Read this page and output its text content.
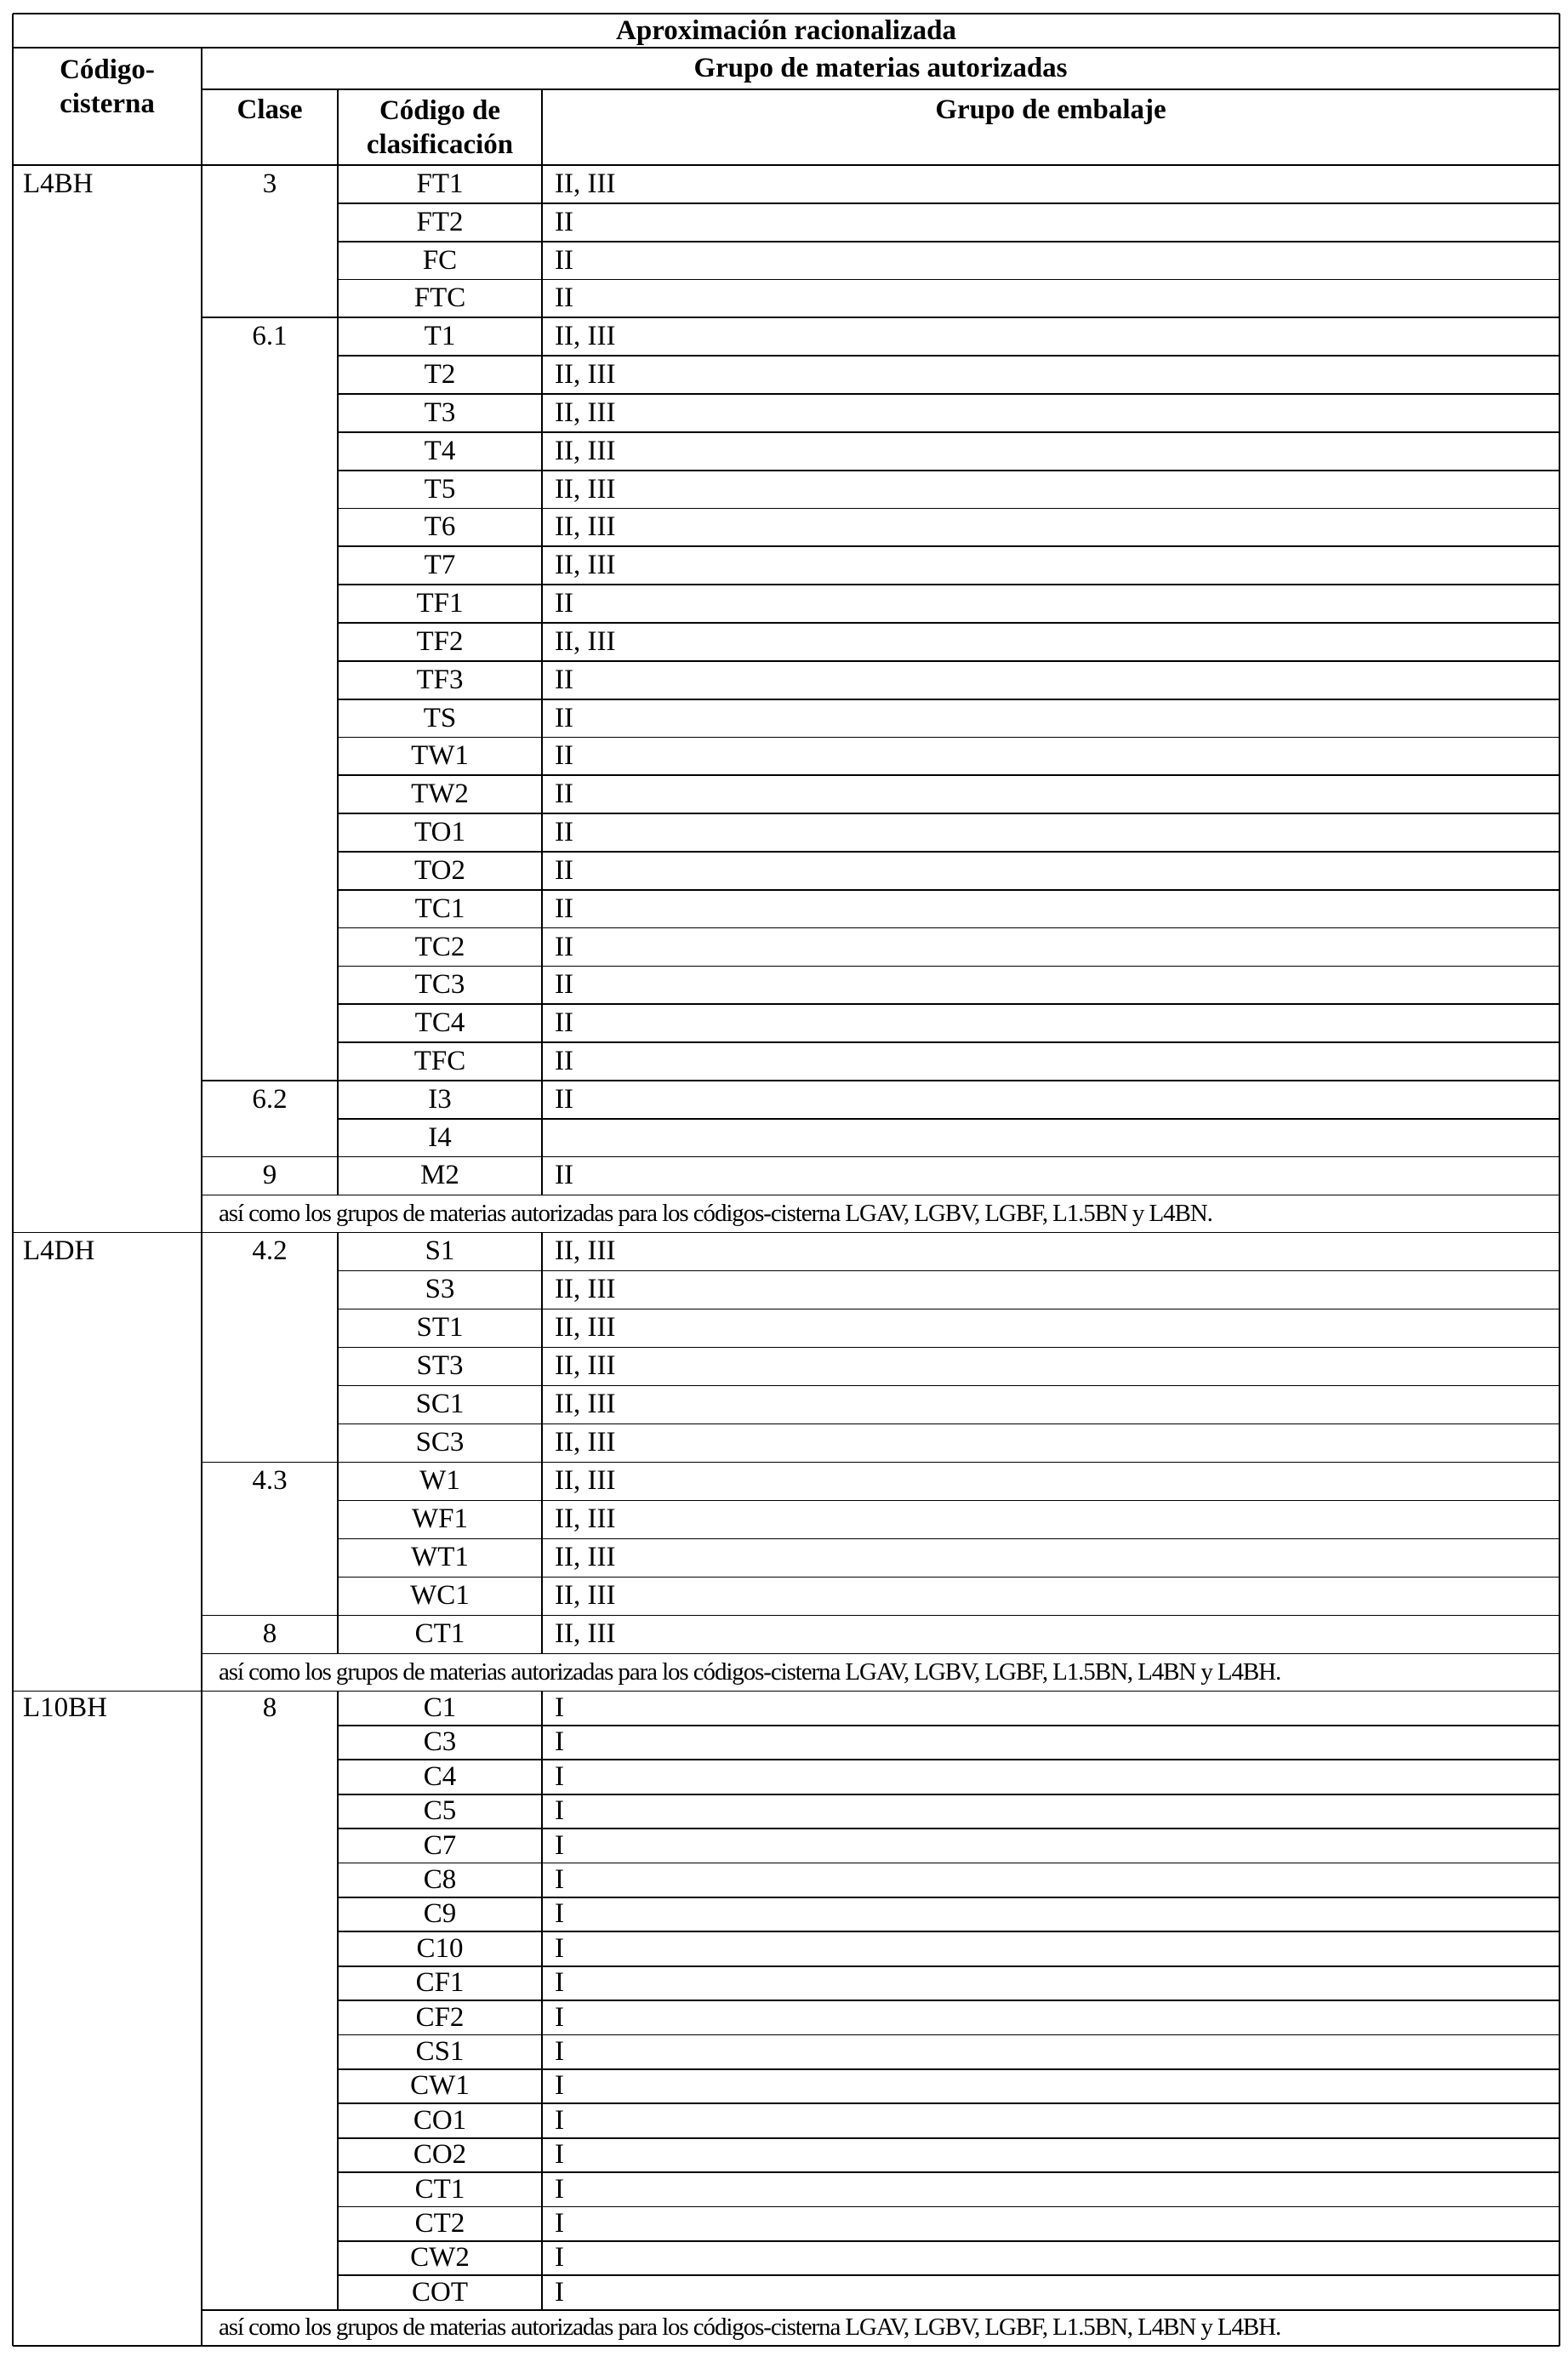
Aproximación racionalizada
Código-
cisterna
Grupo de materias autorizadas
Clase	Código de
clasificación
Grupo de embalaje
L4BH	3	FT1	II, III
FT2	II
FC	II
FTC	II
6.1	T1	II, III
T2	II, III
T3	II, III
T4	II, III
T5	II, III
T6	II, III
T7	II, III
TF1	II
TF2	II, III
TF3	II
TS	II
TW1	II
TW2	II
TO1	II
TO2	II
TC1	II
TC2	II
TC3	II
TC4	II
TFC	II
6.2	I3	II
I4
9	M2	II
así como los grupos de materias autorizadas para los códigos-cisterna LGAV, LGBV, LGBF, L1.5BN y L4BN.
L4DH	4.2	S1	II, III
S3	II, III
ST1	II, III
ST3	II, III
SC1	II, III
SC3	II, III
4.3	W1	II, III
WF1	II, III
WT1	II, III
WC1	II, III
8	CT1	II, III
así como los grupos de materias autorizadas para los códigos-cisterna LGAV, LGBV, LGBF, L1.5BN, L4BN y L4BH.
L10BH	8	C1	I
C3	I
C4	I
C5	I
C7	I
C8	I
C9	I
C10	I
CF1	I
CF2	I
CS1	I
CW1	I
CO1	I
CO2	I
CT1	I
CT2	I
CW2	I
COT	I
así como los grupos de materias autorizadas para los códigos-cisterna LGAV, LGBV, LGBF, L1.5BN, L4BN y L4BH.
